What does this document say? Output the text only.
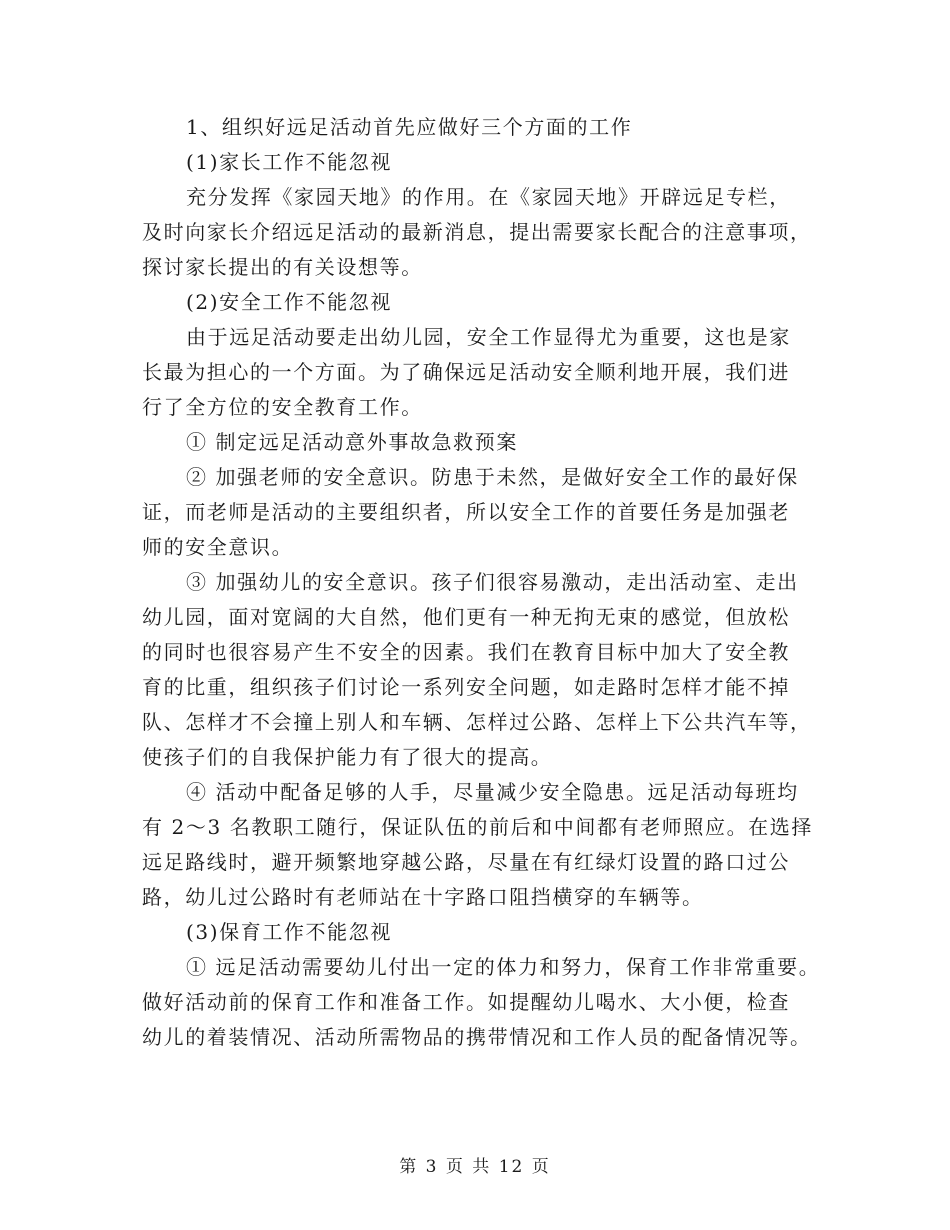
1、组织好远足活动首先应做好三个方面的工作
(1)家长工作不能忽视
充分发挥《家园天地》的作用。在《家园天地》开辟远足专栏，
及时向家长介绍远足活动的最新消息，提出需要家长配合的注意事项，
探讨家长提出的有关设想等。
(2)安全工作不能忽视
由于远足活动要走出幼儿园，安全工作显得尤为重要，这也是家
长最为担心的一个方面。为了确保远足活动安全顺利地开展，我们进
行了全方位的安全教育工作。
① 制定远足活动意外事故急救预案
② 加强老师的安全意识。防患于未然，是做好安全工作的最好保
证，而老师是活动的主要组织者，所以安全工作的首要任务是加强老
师的安全意识。
③ 加强幼儿的安全意识。孩子们很容易激动，走出活动室、走出
幼儿园，面对宽阔的大自然，他们更有一种无拘无束的感觉，但放松
的同时也很容易产生不安全的因素。我们在教育目标中加大了安全教
育的比重，组织孩子们讨论一系列安全问题，如走路时怎样才能不掉
队、怎样才不会撞上别人和车辆、怎样过公路、怎样上下公共汽车等，
使孩子们的自我保护能力有了很大的提高。
④ 活动中配备足够的人手，尽量减少安全隐患。远足活动每班均
有 2～3 名教职工随行，保证队伍的前后和中间都有老师照应。在选择
远足路线时，避开频繁地穿越公路，尽量在有红绿灯设置的路口过公
路，幼儿过公路时有老师站在十字路口阻挡横穿的车辆等。
(3)保育工作不能忽视
① 远足活动需要幼儿付出一定的体力和努力，保育工作非常重要。
做好活动前的保育工作和准备工作。如提醒幼儿喝水、大小便，检查
幼儿的着装情况、活动所需物品的携带情况和工作人员的配备情况等。
第 3 页 共 12 页
